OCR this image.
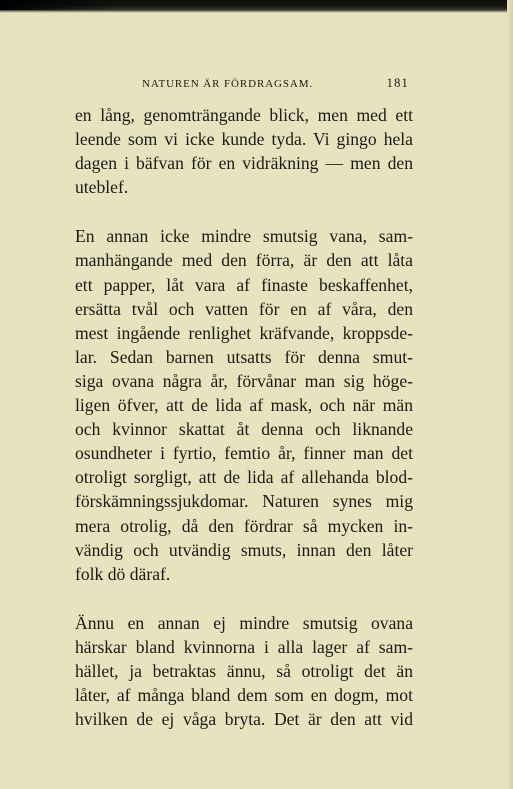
NATUREN ÄR FÖRDRAGSAM.	181
en lång, genomträngande blick, men med ett
leende som vi icke kunde tyda. Vi gingo hela
dagen i bäfvan för en vidräkning — men den
uteblef.
En annan icke mindre smutsig vana, sam-
manhängande med den förra, är den att låta
ett papper, låt vara af finaste beskaffenhet,
ersätta tvål och vatten för en af våra, den
mest ingående renlighet kräfvande, kroppsde-
lar. Sedan barnen utsatts för denna smut-
siga ovana några år, förvånar man sig höge-
ligen öfver, att de lida af mask, och när män
och kvinnor skattat åt denna och liknande
osundheter i fyrtio, femtio år, finner man det
otroligt sorgligt, att de lida af allehanda blod-
förskämningssjukdomar. Naturen synes mig
mera otrolig, då den fördrar så mycken in-
vändig och utvändig smuts, innan den låter
folk dö däraf.
Ännu en annan ej mindre smutsig ovana
härskar bland kvinnorna i alla lager af sam-
hället, ja betraktas ännu, så otroligt det än
låter, af många bland dem som en dogm, mot
hvilken de ej våga bryta. Det är den att vid
